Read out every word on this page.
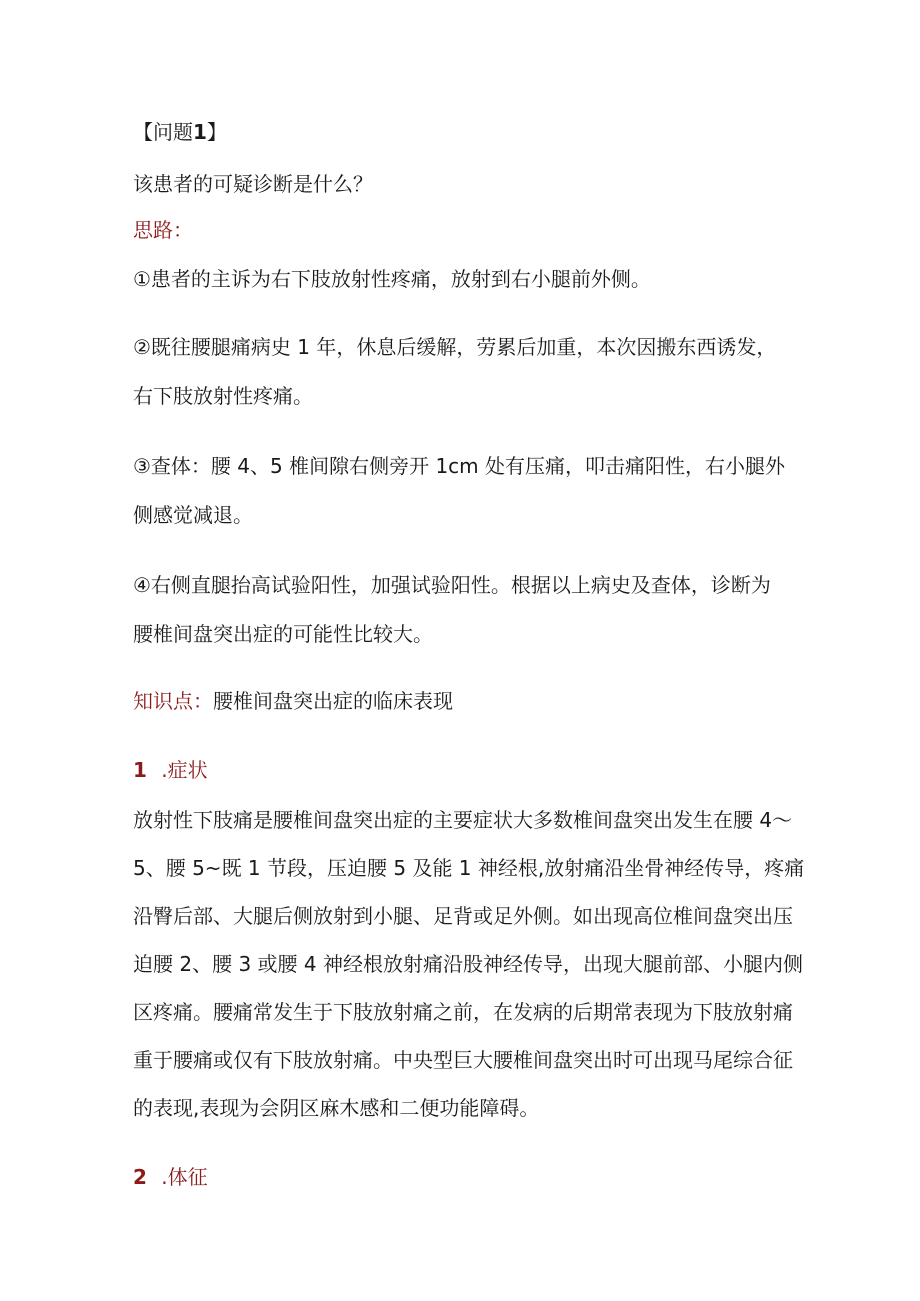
【问题1】
该患者的可疑诊断是什么？
思路：
①患者的主诉为右下肢放射性疼痛，放射到右小腿前外侧。
②既往腰腿痛病史 1 年，休息后缓解，劳累后加重，本次因搬东西诱发，
右下肢放射性疼痛。
③查体：腰 4、5 椎间隙右侧旁开 1cm 处有压痛，叩击痛阳性，右小腿外
侧感觉减退。
④右侧直腿抬高试验阳性，加强试验阳性。根据以上病史及查体，诊断为
腰椎间盘突出症的可能性比较大。
知识点：腰椎间盘突出症的临床表现
1 .症状
放射性下肢痛是腰椎间盘突出症的主要症状大多数椎间盘突出发生在腰 4〜
5、腰 5~既 1 节段，压迫腰 5 及能 1 神经根,放射痛沿坐骨神经传导，疼痛
沿臀后部、大腿后侧放射到小腿、足背或足外侧。如出现高位椎间盘突出压
迫腰 2、腰 3 或腰 4 神经根放射痛沿股神经传导，出现大腿前部、小腿内侧
区疼痛。腰痛常发生于下肢放射痛之前，在发病的后期常表现为下肢放射痛
重于腰痛或仅有下肢放射痛。中央型巨大腰椎间盘突出时可出现马尾综合征
的表现,表现为会阴区麻木感和二便功能障碍。
2 .体征
